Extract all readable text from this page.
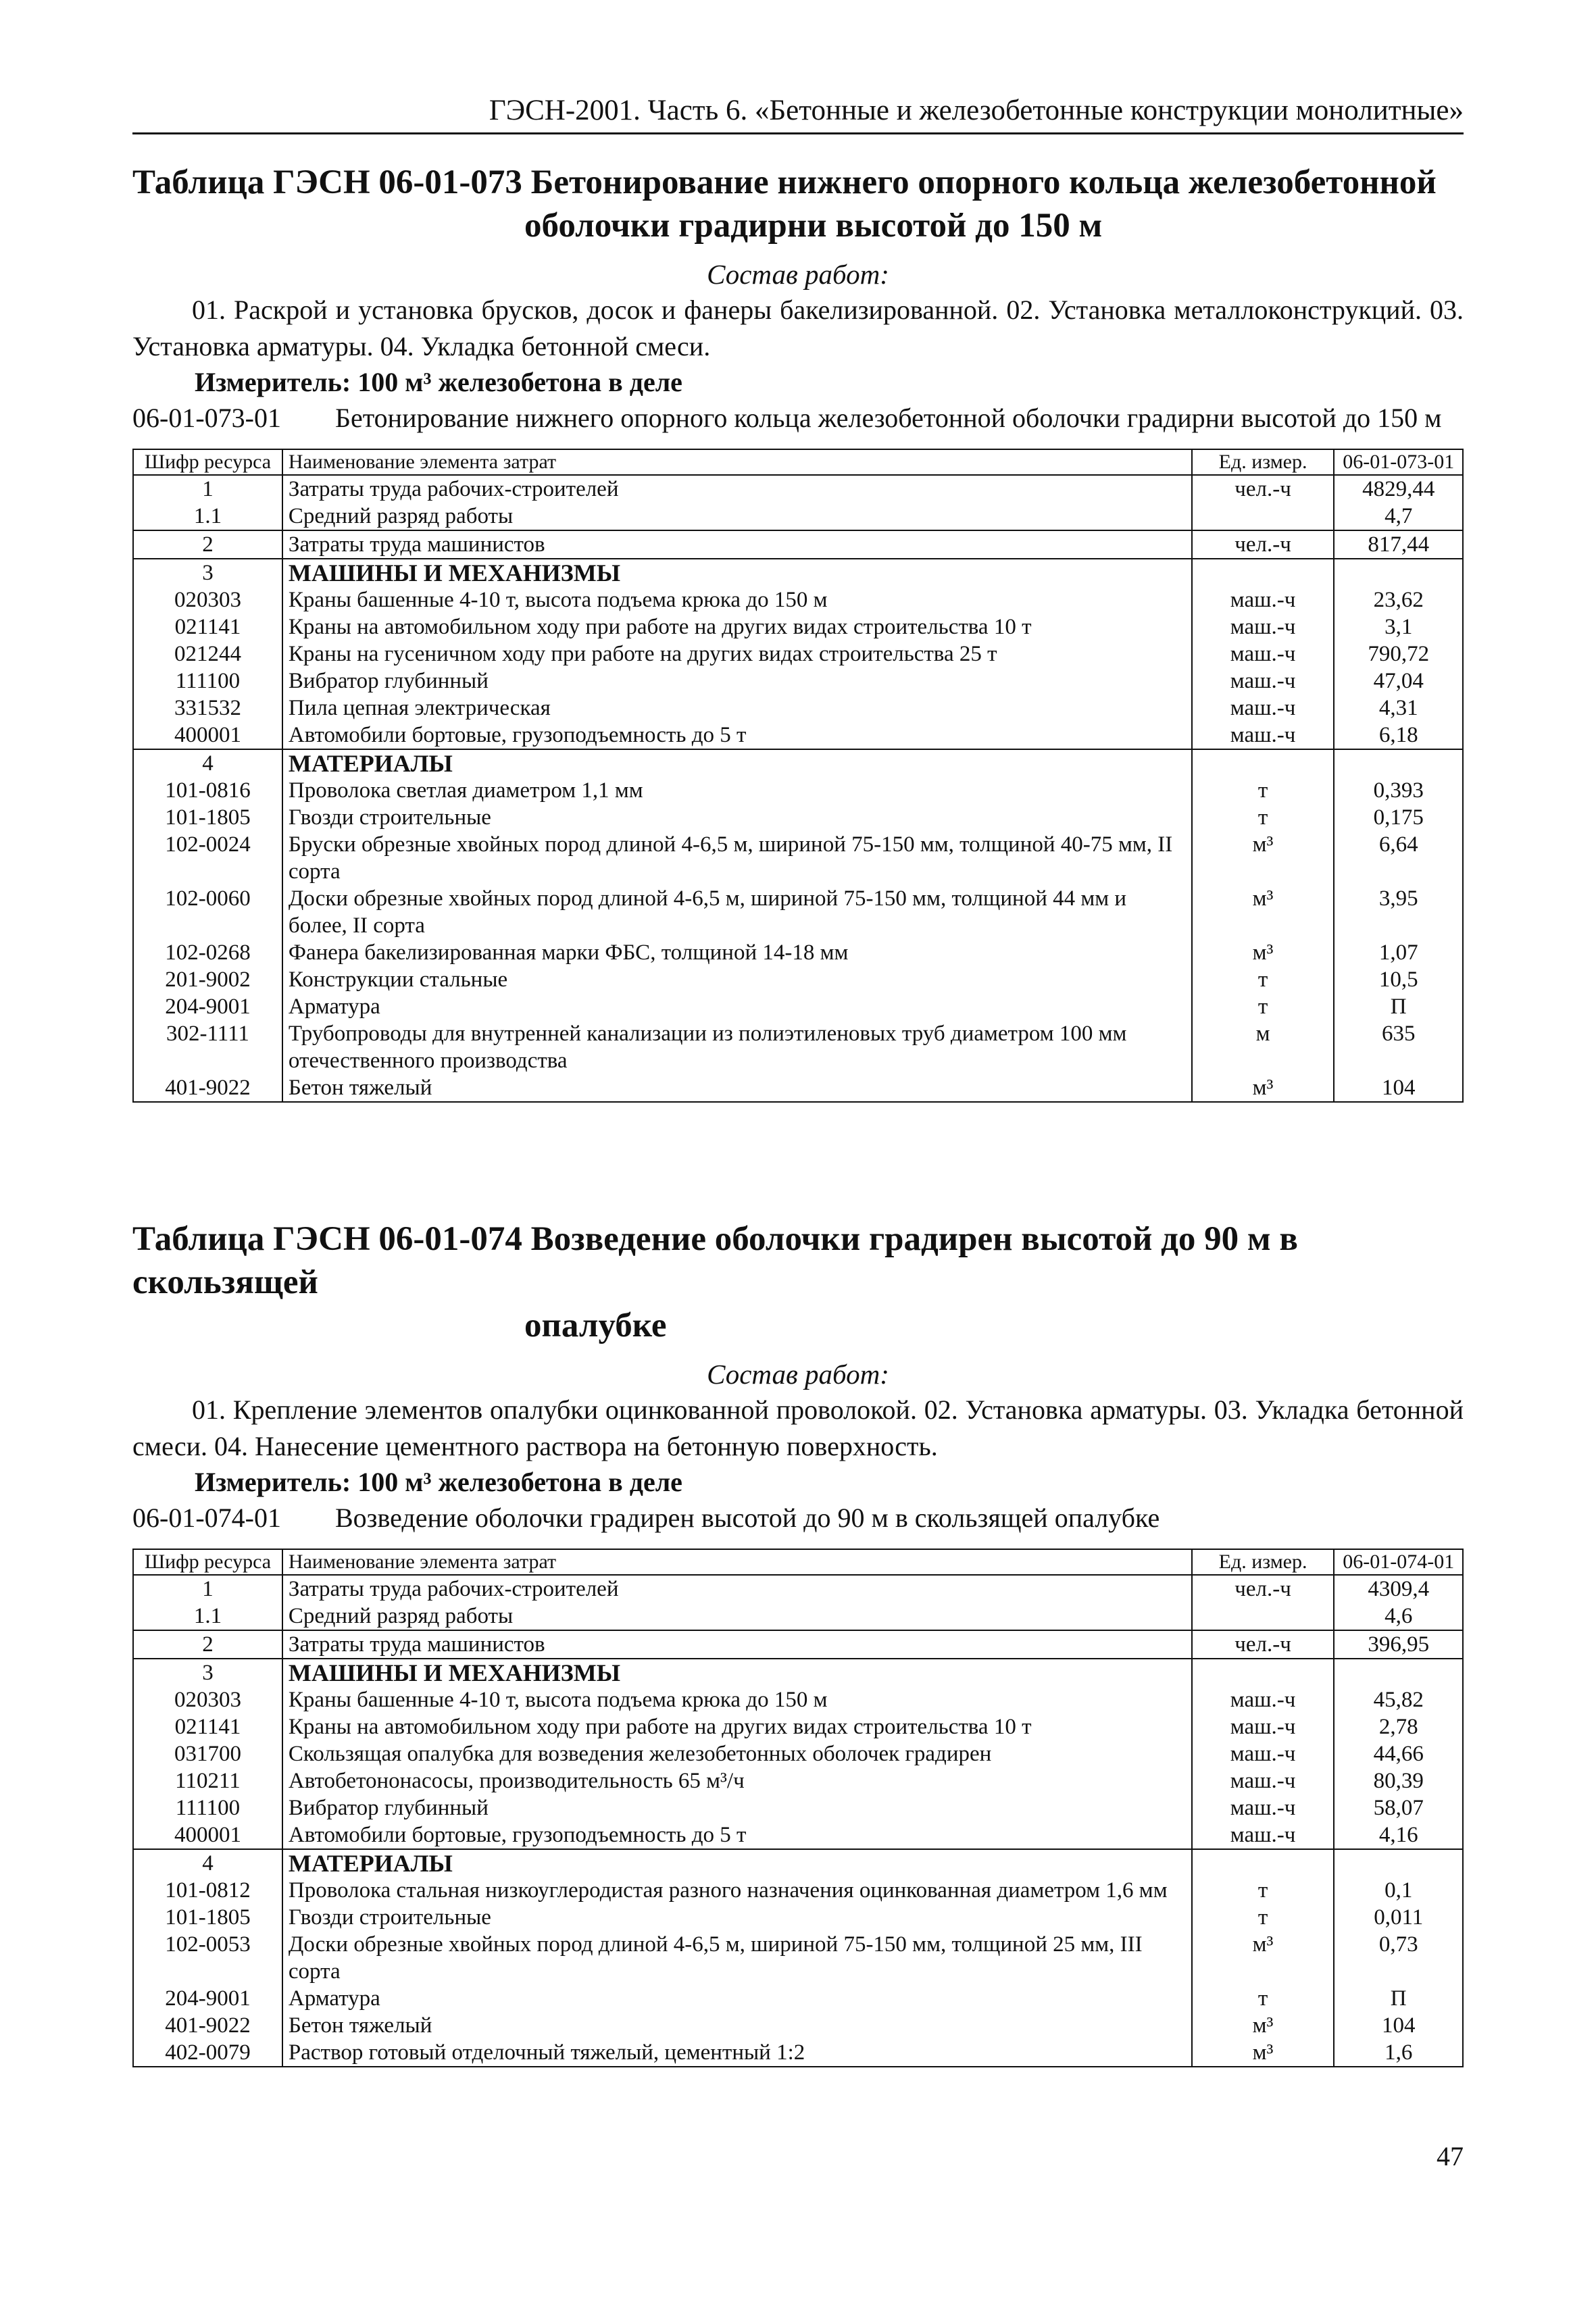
ГЭСН-2001. Часть 6. «Бетонные и железобетонные конструкции монолитные»
Таблица ГЭСН 06-01-073 Бетонирование нижнего опорного кольца железобетонной
оболочки градирни высотой до 150 м
Состав работ:

01. Раскрой и установка брусков, досок и фанеры бакелизированной. 02. Установка металлоконструкций. 03. Установка арматуры. 04. Укладка бетонной смеси.

Измеритель: 100 м³ железобетона в деле
06-01-073-01	Бетонирование нижнего опорного кольца железобетонной оболочки градирни высотой до 150 м
Шифр ресурса	Наименование элемента затрат	Ед. измер.	06-01-073-01
1	Затраты труда рабочих-строителей	чел.-ч	4829,44
1.1	Средний разряд работы		4,7
2	Затраты труда машинистов	чел.-ч	817,44
3	МАШИНЫ И МЕХАНИЗМЫ		
020303	Краны башенные 4-10 т, высота подъема крюка до 150 м	маш.-ч	23,62
021141	Краны на автомобильном ходу при работе на других видах строительства 10 т	маш.-ч	3,1
021244	Краны на гусеничном ходу при работе на других видах строительства 25 т	маш.-ч	790,72
111100	Вибратор глубинный	маш.-ч	47,04
331532	Пила цепная электрическая	маш.-ч	4,31
400001	Автомобили бортовые, грузоподъемность до 5 т	маш.-ч	6,18
4	МАТЕРИАЛЫ		
101-0816	Проволока светлая диаметром 1,1 мм	т	0,393
101-1805	Гвозди строительные	т	0,175
102-0024	Бруски обрезные хвойных пород длиной 4-6,5 м, шириной 75-150 мм, толщиной 40-75 мм, II сорта	м³	6,64
102-0060	Доски обрезные хвойных пород длиной 4-6,5 м, шириной 75-150 мм, толщиной 44 мм и более, II сорта	м³	3,95
102-0268	Фанера бакелизированная марки ФБС, толщиной 14-18 мм	м³	1,07
201-9002	Конструкции стальные	т	10,5
204-9001	Арматура	т	П
302-1111	Трубопроводы для внутренней канализации из полиэтиленовых труб диаметром 100 мм отечественного производства	м	635
401-9022	Бетон тяжелый	м³	104
Таблица ГЭСН 06-01-074 Возведение оболочки градирен высотой до 90 м в скользящей
опалубке
Состав работ:

01. Крепление элементов опалубки оцинкованной проволокой. 02. Установка арматуры. 03. Укладка бетонной смеси. 04. Нанесение цементного раствора на бетонную поверхность.

Измеритель: 100 м³ железобетона в деле
06-01-074-01	Возведение оболочки градирен высотой до 90 м в скользящей опалубке
Шифр ресурса	Наименование элемента затрат	Ед. измер.	06-01-074-01
1	Затраты труда рабочих-строителей	чел.-ч	4309,4
1.1	Средний разряд работы		4,6
2	Затраты труда машинистов	чел.-ч	396,95
3	МАШИНЫ И МЕХАНИЗМЫ		
020303	Краны башенные 4-10 т, высота подъема крюка до 150 м	маш.-ч	45,82
021141	Краны на автомобильном ходу при работе на других видах строительства 10 т	маш.-ч	2,78
031700	Скользящая опалубка для возведения железобетонных оболочек градирен	маш.-ч	44,66
110211	Автобетононасосы, производительность 65 м³/ч	маш.-ч	80,39
111100	Вибратор глубинный	маш.-ч	58,07
400001	Автомобили бортовые, грузоподъемность до 5 т	маш.-ч	4,16
4	МАТЕРИАЛЫ		
101-0812	Проволока стальная низкоуглеродистая разного назначения оцинкованная диаметром 1,6 мм	т	0,1
101-1805	Гвозди строительные	т	0,011
102-0053	Доски обрезные хвойных пород длиной 4-6,5 м, шириной 75-150 мм, толщиной 25 мм, III сорта	м³	0,73
204-9001	Арматура	т	П
401-9022	Бетон тяжелый	м³	104
402-0079	Раствор готовый отделочный тяжелый, цементный 1:2	м³	1,6
47
